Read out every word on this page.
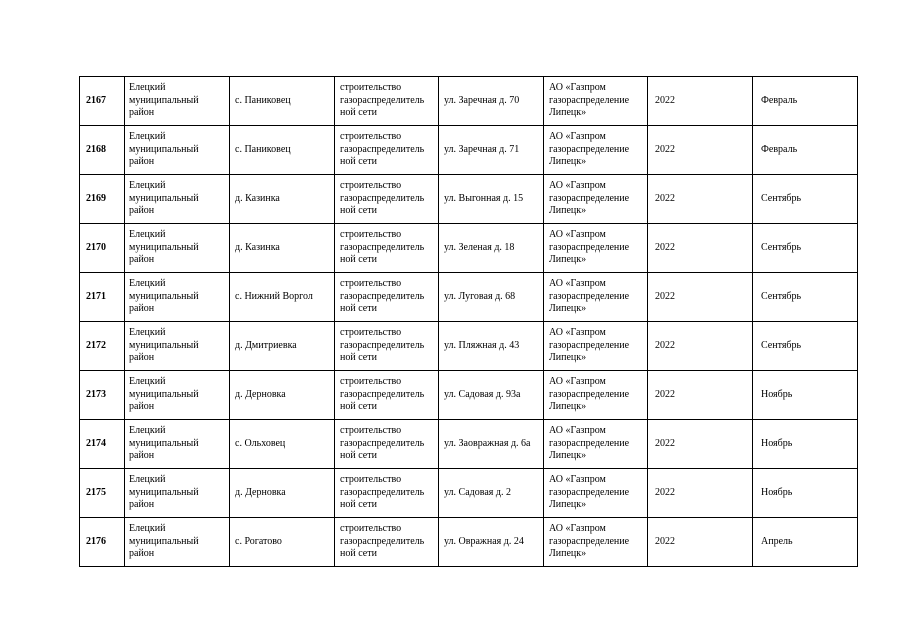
2167	Елецкий муниципальный район	с. Паниковец	строительство газораспределитель ной сети	ул. Заречная д. 70	АО «Газпром газораспределение Липецк»	2022	Февраль
2168	Елецкий муниципальный район	с. Паниковец	строительство газораспределитель ной сети	ул. Заречная д. 71	АО «Газпром газораспределение Липецк»	2022	Февраль
2169	Елецкий муниципальный район	д. Казинка	строительство газораспределитель ной сети	ул. Выгонная д. 15	АО «Газпром газораспределение Липецк»	2022	Сентябрь
2170	Елецкий муниципальный район	д. Казинка	строительство газораспределитель ной сети	ул. Зеленая д. 18	АО «Газпром газораспределение Липецк»	2022	Сентябрь
2171	Елецкий муниципальный район	с. Нижний Воргол	строительство газораспределитель ной сети	ул. Луговая д. 68	АО «Газпром газораспределение Липецк»	2022	Сентябрь
2172	Елецкий муниципальный район	д. Дмитриевка	строительство газораспределитель ной сети	ул. Пляжная д. 43	АО «Газпром газораспределение Липецк»	2022	Сентябрь
2173	Елецкий муниципальный район	д. Дерновка	строительство газораспределитель ной сети	ул. Садовая д. 93а	АО «Газпром газораспределение Липецк»	2022	Ноябрь
2174	Елецкий муниципальный район	с. Ольховец	строительство газораспределитель ной сети	ул. Заовражная д. 6а	АО «Газпром газораспределение Липецк»	2022	Ноябрь
2175	Елецкий муниципальный район	д. Дерновка	строительство газораспределитель ной сети	ул. Садовая д. 2	АО «Газпром газораспределение Липецк»	2022	Ноябрь
2176	Елецкий муниципальный район	с. Рогатово	строительство газораспределитель ной сети	ул. Овражная д. 24	АО «Газпром газораспределение Липецк»	2022	Апрель
